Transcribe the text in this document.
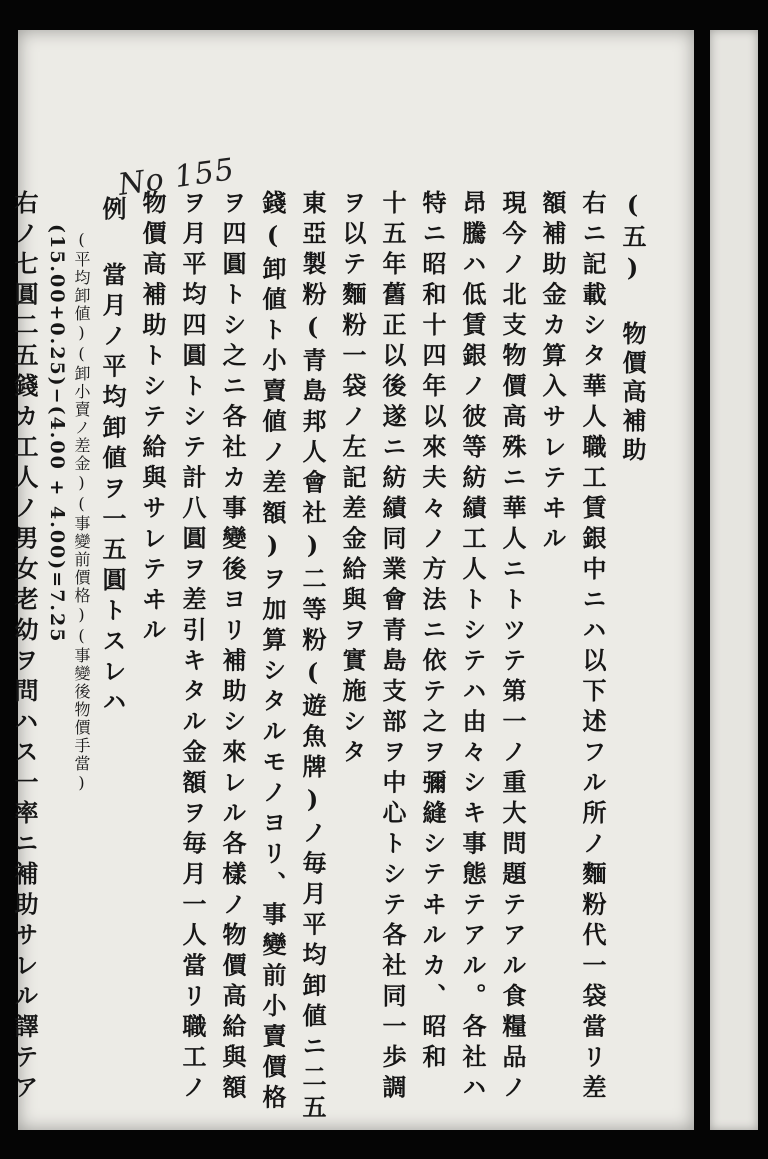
No 155
(五) 物價高補助
右ニ記載シタ華人職工賃銀中ニハ以下述フル所ノ麵粉代一袋當リ差
額補助金カ算入サレテヰル
現今ノ北支物價高殊ニ華人ニトツテ第一ノ重大問題テアル食糧品ノ
昂騰ハ低賃銀ノ彼等紡績工人トシテハ由々シキ事態テアル。各社ハ
特ニ昭和十四年以來夫々ノ方法ニ依テ之ヲ彌縫シテヰルカ、昭和
十五年舊正以後遂ニ紡績同業會青島支部ヲ中心トシテ各社同一歩調
ヲ以テ麵粉一袋ノ左記差金給與ヲ實施シタ
東亞製粉(青島邦人會社)二等粉(遊魚牌)ノ毎月平均卸値ニ二五
錢(卸値ト小賣値ノ差額)ヲ加算シタルモノヨリ、事變前小賣價格
ヲ四圓トシ之ニ各社カ事變後ヨリ補助シ來レル各樣ノ物價高給與額
ヲ月平均四圓トシテ計八圓ヲ差引キタル金額ヲ毎月一人當リ職工ノ
物價高補助トシテ給與サレテヰル
例 當月ノ平均卸値ヲ一五圓トスレハ
(平均卸値)(卸小賣ノ差金)(事變前價格)(事變後物價手當)
(15.00+0.25)−(4.00 + 4.00)=7.25
右ノ七圓二五錢カ工人ノ男女老幼ヲ問ハス一率ニ補助サレル譯テア
